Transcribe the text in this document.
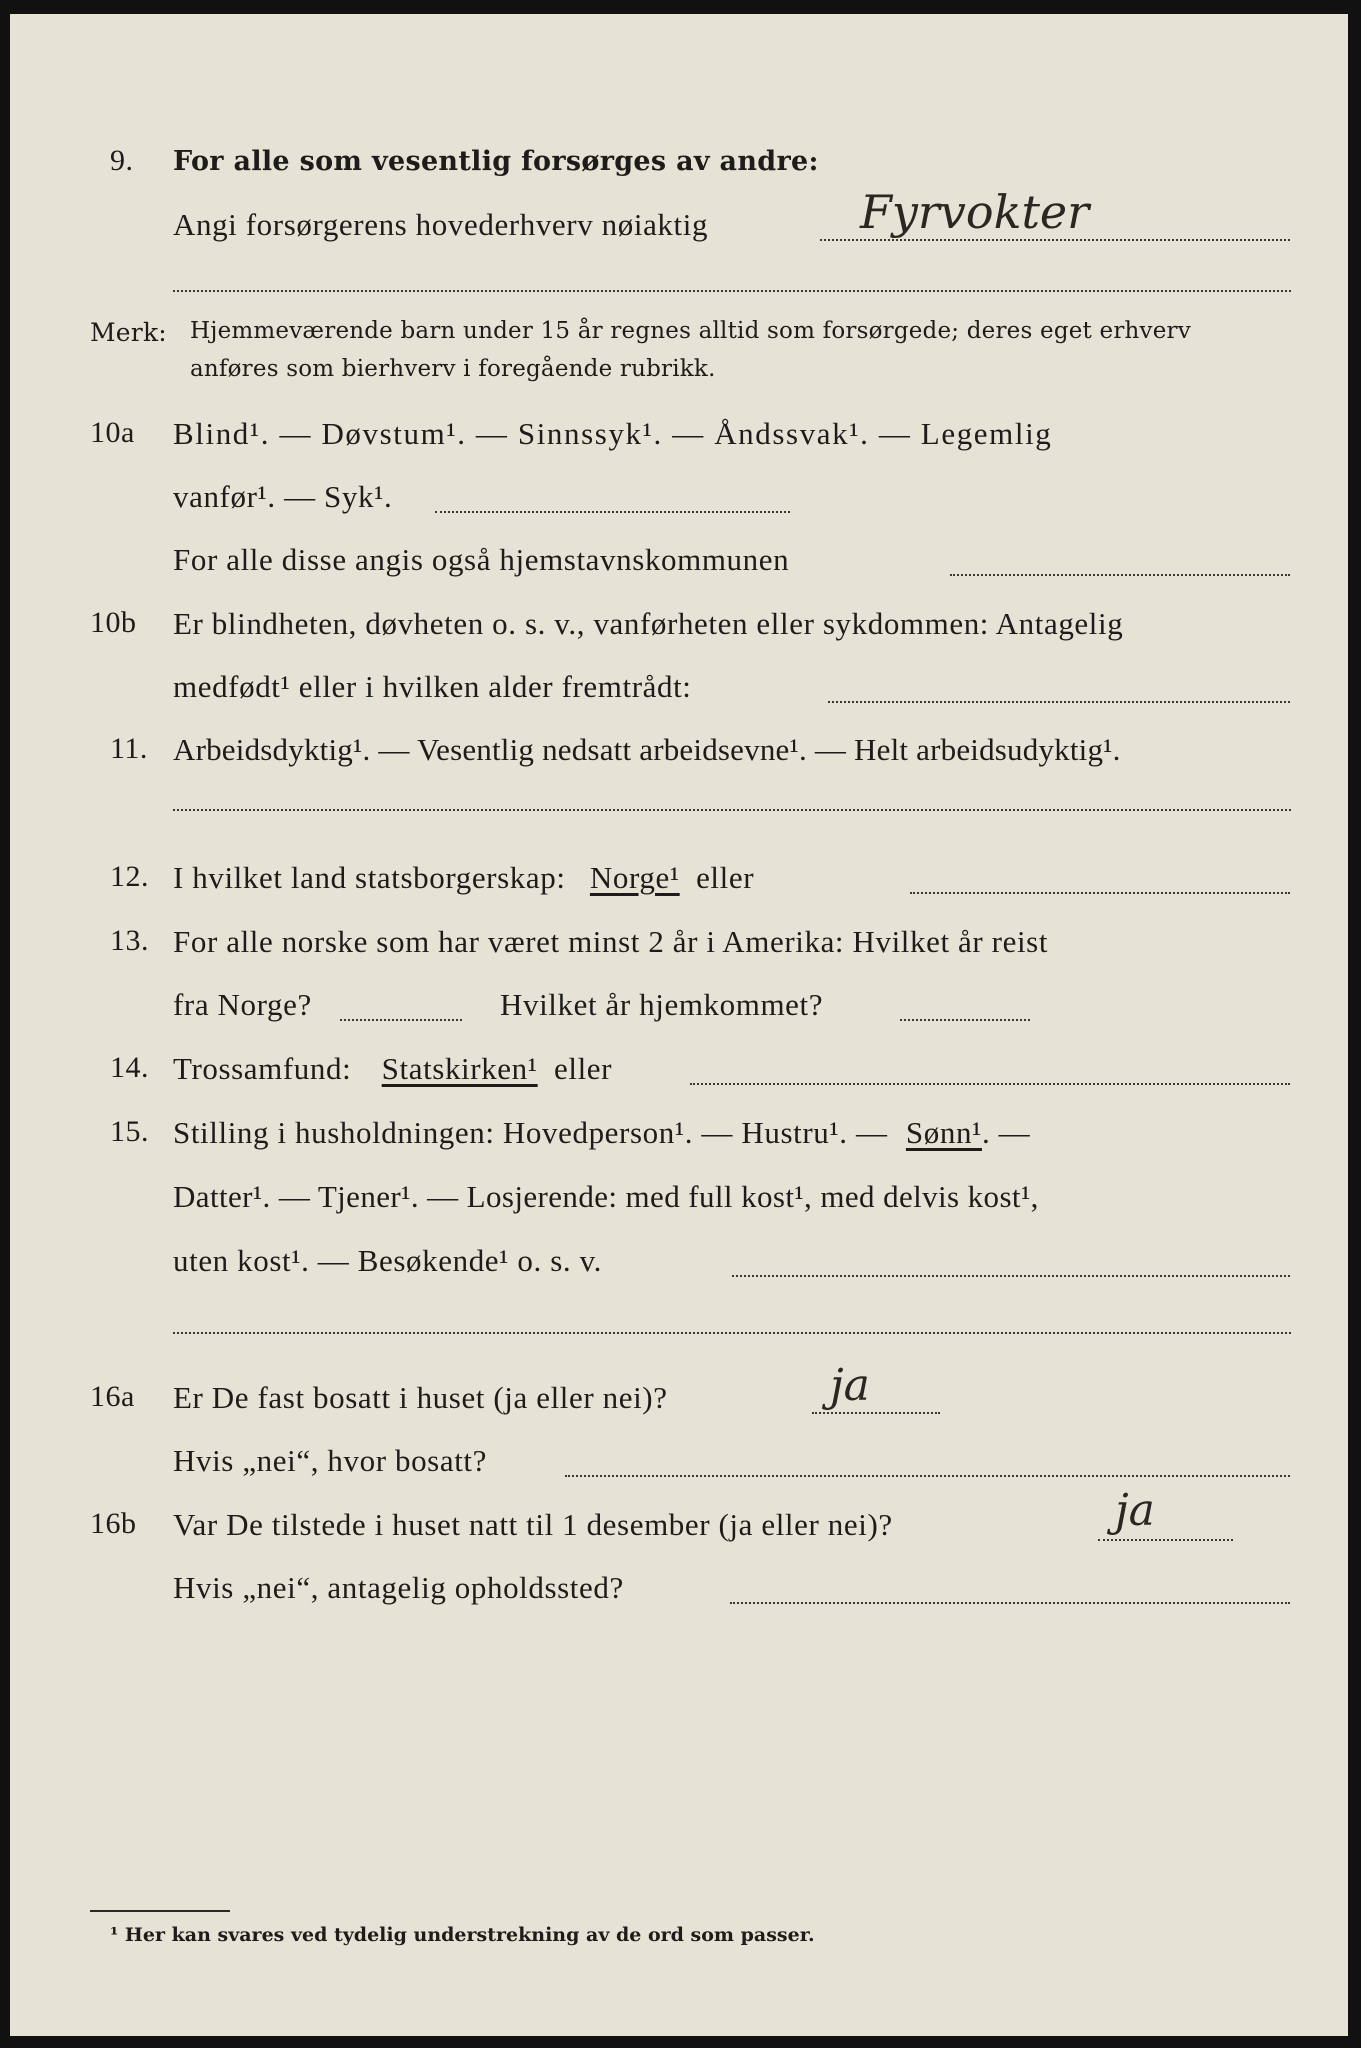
9. For alle som vesentlig forsørges av andre:
Angi forsørgerens hovederhverv nøiaktig	Fyrvokter
Merk: Hjemmeværende barn under 15 år regnes alltid som forsørgede; deres eget erhverv
anføres som bierhverv i foregående rubrikk.
10a Blind¹. — Døvstum¹. — Sinnssyk¹. — Åndssvak¹. — Legemlig
vanfør¹. — Syk¹.
For alle disse angis også hjemstavnskommunen
10b Er blindheten, døvheten o. s. v., vanførheten eller sykdommen: Antagelig
medfødt¹ eller i hvilken alder fremtrådt:
11. Arbeidsdyktig¹. — Vesentlig nedsatt arbeidsevne¹. — Helt arbeidsudyktig¹.
12. I hvilket land statsborgerskap: Norge¹ eller
13. For alle norske som har været minst 2 år i Amerika: Hvilket år reist
fra Norge?	Hvilket år hjemkommet?
14. Trossamfund: Statskirken¹ eller
15. Stilling i husholdningen: Hovedperson¹. — Hustru¹. — Sønn¹. —
Datter¹. — Tjener¹. — Losjerende: med full kost¹, med delvis kost¹,
uten kost¹. — Besøkende¹ o. s. v.
16a Er De fast bosatt i huset (ja eller nei)?	ja
Hvis „nei“, hvor bosatt?
16b Var De tilstede i huset natt til 1 desember (ja eller nei)?	ja
Hvis „nei“, antagelig opholdssted?
¹ Her kan svares ved tydelig understrekning av de ord som passer.
